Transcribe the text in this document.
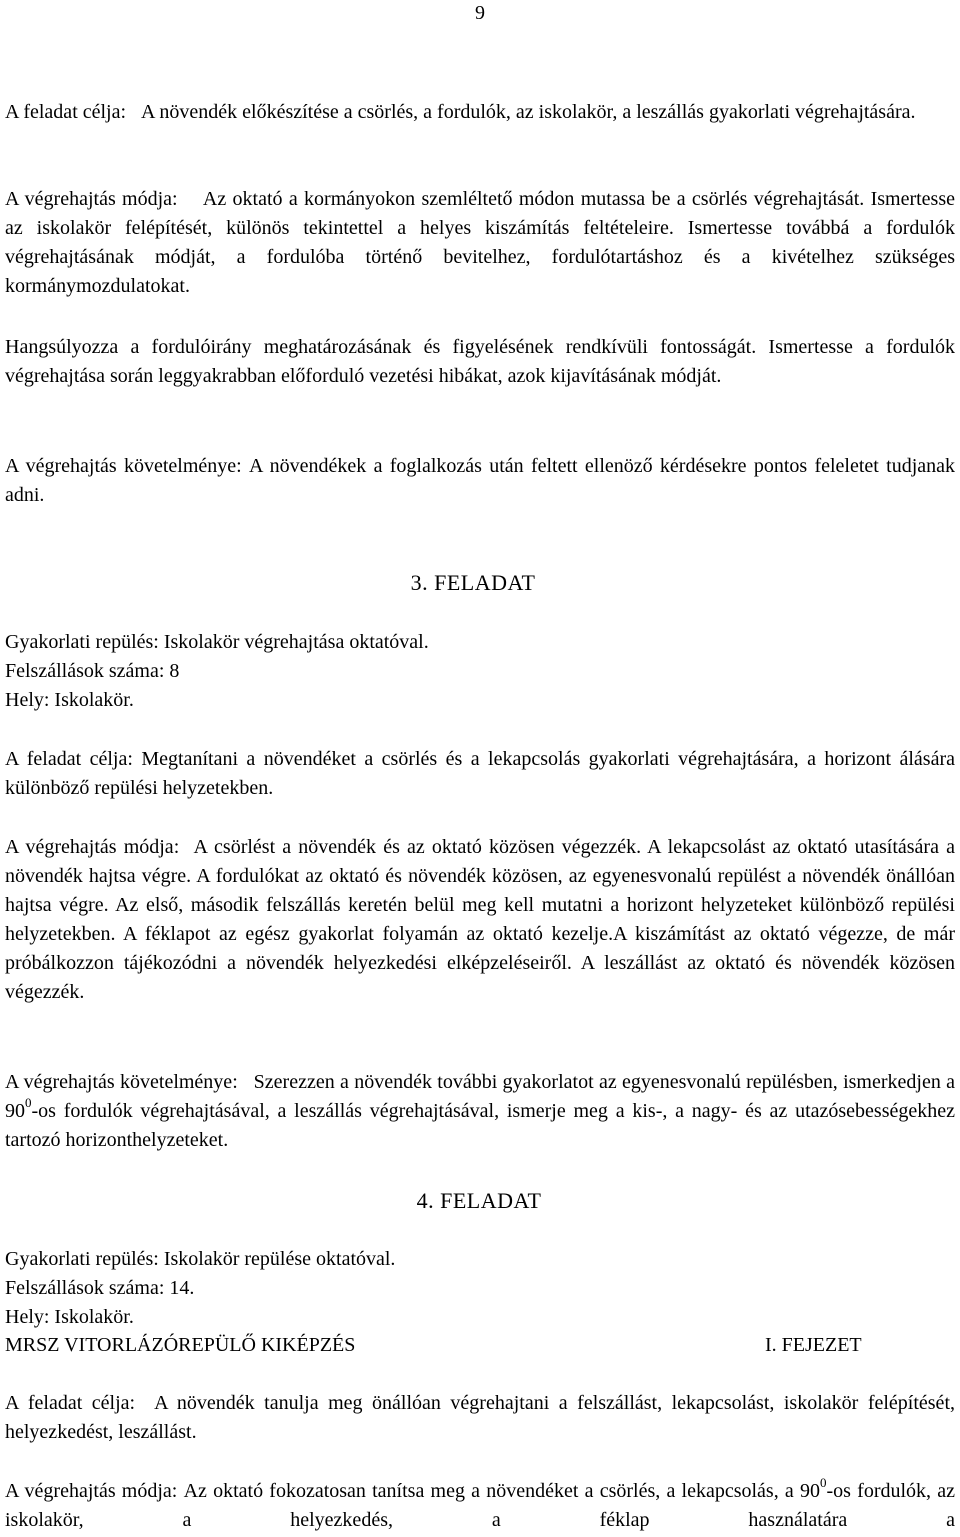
9

A feladat célja: A növendék előkészítése a csörlés, a fordulók, az iskolakör, a leszállás gyakorlati végrehajtására.

A végrehajtás módja: Az oktató a kormányokon szemléltető módon mutassa be a csörlés végrehajtását. Ismertesse az iskolakör felépítését, különös tekintettel a helyes kiszámítás feltételeire. Ismertesse továbbá a fordulók végrehajtásának módját, a fordulóba történő bevitelhez, fordulótartáshoz és a kivételhez szükséges kormánymozdulatokat.

Hangsúlyozza a fordulóirány meghatározásának és figyelésének rendkívüli fontosságát. Ismertesse a fordulók végrehajtása során leggyakrabban előforduló vezetési hibákat, azok kijavításának módját.

A végrehajtás követelménye: A növendékek a foglalkozás után feltett ellenöző kérdésekre pontos feleletet tudjanak adni.

3. FELADAT
Gyakorlati repülés: Iskolakör végrehajtása oktatóval.
Felszállások száma: 8
Hely: Iskolakör.

A feladat célja: Megtanítani a növendéket a csörlés és a lekapcsolás gyakorlati végrehajtására, a horizont álására különböző repülési helyzetekben.

A végrehajtás módja: A csörlést a növendék és az oktató közösen végezzék. A lekapcsolást az oktató utasítására a növendék hajtsa végre. A fordulókat az oktató és növendék közösen, az egyenesvonalú repülést a növendék önállóan hajtsa végre. Az első, második felszállás keretén belül meg kell mutatni a horizont helyzeteket különböző repülési helyzetekben. A féklapot az egész gyakorlat folyamán az oktató kezelje.A kiszámítást az oktató végezze, de már próbálkozzon tájékozódni a növendék helyezkedési elképzeléseiről. A leszállást az oktató és növendék közösen végezzék.

A végrehajtás követelménye: Szerezzen a növendék további gyakorlatot az egyenesvonalú repülésben, ismerkedjen a $90^0-os$ fordulók végrehajtásával, a leszállás végrehajtásával, ismerje meg a kis-, a nagy- és az utazósebességekhez tartozó horizonthelyzeteket.

4. FELADAT
Gyakorlati repülés: Iskolakör repülése oktatóval.
Felszállások száma: 14.
Hely: Iskolakör.
MRSZ VITORLÁZÓREPÜLŐ KIKÉPZÉS	I. FEJEZET

A feladat célja: A növendék tanulja meg önállóan végrehajtani a felszállást, lekapcsolást, iskolakör felépítését, helyezkedést, leszállást.

A végrehajtás módja: Az oktató fokozatosan tanítsa meg a növendéket a csörlés, a lekapcsolás, a $90^0-os$ fordulók, az iskolakör, a helyezkedés, a féklap használatára a
